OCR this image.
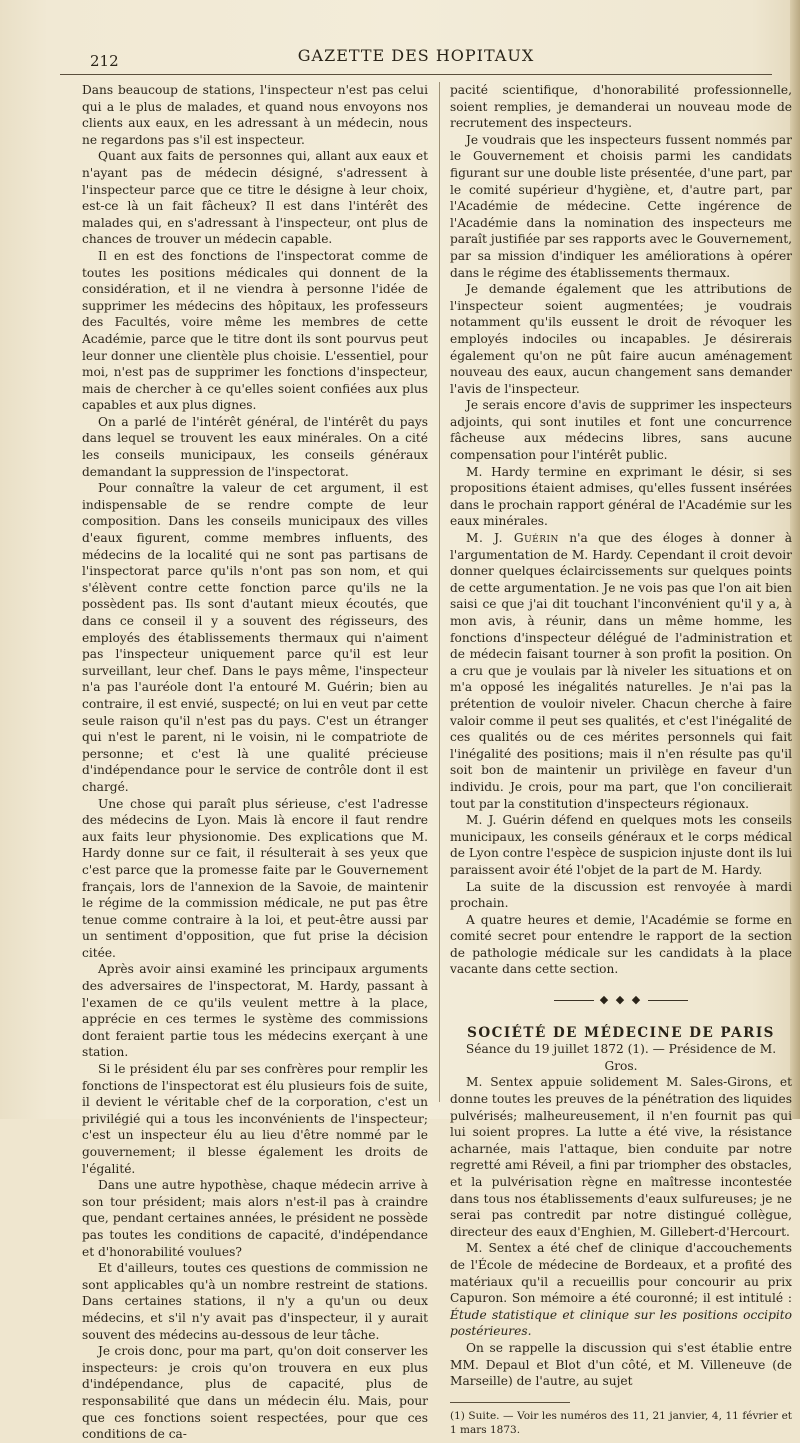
212	GAZETTE DES HOPITAUX

Dans beaucoup de stations, l'inspecteur n'est pas celui qui a le plus de malades, et quand nous envoyons nos clients aux eaux, en les adressant à un médecin, nous ne regardons pas s'il est inspecteur.

Quant aux faits de personnes qui, allant aux eaux et n'ayant pas de médecin désigné, s'adressent à l'inspecteur parce que ce titre le désigne à leur choix, est-ce là un fait fâcheux? Il est dans l'intérêt des malades qui, en s'adressant à l'inspecteur, ont plus de chances de trouver un médecin capable.

Il en est des fonctions de l'inspectorat comme de toutes les positions médicales qui donnent de la considération, et il ne viendra à personne l'idée de supprimer les médecins des hôpitaux, les professeurs des Facultés, voire même les membres de cette Académie, parce que le titre dont ils sont pourvus peut leur donner une clientèle plus choisie. L'essentiel, pour moi, n'est pas de supprimer les fonctions d'inspecteur, mais de chercher à ce qu'elles soient confiées aux plus capables et aux plus dignes.

On a parlé de l'intérêt général, de l'intérêt du pays dans lequel se trouvent les eaux minérales. On a cité les conseils municipaux, les conseils généraux demandant la suppression de l'inspectorat.

Pour connaître la valeur de cet argument, il est indispensable de se rendre compte de leur composition. Dans les conseils municipaux des villes d'eaux figurent, comme membres influents, des médecins de la localité qui ne sont pas partisans de l'inspectorat parce qu'ils n'ont pas son nom, et qui s'élèvent contre cette fonction parce qu'ils ne la possèdent pas. Ils sont d'autant mieux écoutés, que dans ce conseil il y a souvent des régisseurs, des employés des établissements thermaux qui n'aiment pas l'inspecteur uniquement parce qu'il est leur surveillant, leur chef. Dans le pays même, l'inspecteur n'a pas l'auréole dont l'a entouré M. Guérin; bien au contraire, il est envié, suspecté; on lui en veut par cette seule raison qu'il n'est pas du pays. C'est un étranger qui n'est le parent, ni le voisin, ni le compatriote de personne; et c'est là une qualité précieuse d'indépendance pour le service de contrôle dont il est chargé.

Une chose qui paraît plus sérieuse, c'est l'adresse des médecins de Lyon. Mais là encore il faut rendre aux faits leur physionomie. Des explications que M. Hardy donne sur ce fait, il résulterait à ses yeux que c'est parce que la promesse faite par le Gouvernement français, lors de l'annexion de la Savoie, de maintenir le régime de la commission médicale, ne put pas être tenue comme contraire à la loi, et peut-être aussi par un sentiment d'opposition, que fut prise la décision citée.

Après avoir ainsi examiné les principaux arguments des adversaires de l'inspectorat, M. Hardy, passant à l'examen de ce qu'ils veulent mettre à la place, apprécie en ces termes le système des commissions dont feraient partie tous les médecins exerçant à une station.

Si le président élu par ses confrères pour remplir les fonctions de l'inspectorat est élu plusieurs fois de suite, il devient le véritable chef de la corporation, c'est un privilégié qui a tous les inconvénients de l'inspecteur; c'est un inspecteur élu au lieu d'être nommé par le gouvernement; il blesse également les droits de l'égalité.

Dans une autre hypothèse, chaque médecin arrive à son tour président; mais alors n'est-il pas à craindre que, pendant certaines années, le président ne possède pas toutes les conditions de capacité, d'indépendance et d'honorabilité voulues?

Et d'ailleurs, toutes ces questions de commission ne sont applicables qu'à un nombre restreint de stations. Dans certaines stations, il n'y a qu'un ou deux médecins, et s'il n'y avait pas d'inspecteur, il y aurait souvent des médecins au-dessous de leur tâche.

Je crois donc, pour ma part, qu'on doit conserver les inspecteurs: je crois qu'on trouvera en eux plus d'indépendance, plus de capacité, plus de responsabilité que dans un médecin élu. Mais, pour que ces fonctions soient respectées, pour que ces conditions de ca-

pacité scientifique, d'honorabilité professionnelle, soient remplies, je demanderai un nouveau mode de recrutement des inspecteurs.

Je voudrais que les inspecteurs fussent nommés par le Gouvernement et choisis parmi les candidats figurant sur une double liste présentée, d'une part, par le comité supérieur d'hygiène, et, d'autre part, par l'Académie de médecine. Cette ingérence de l'Académie dans la nomination des inspecteurs me paraît justifiée par ses rapports avec le Gouvernement, par sa mission d'indiquer les améliorations à opérer dans le régime des établissements thermaux.

Je demande également que les attributions de l'inspecteur soient augmentées; je voudrais notamment qu'ils eussent le droit de révoquer les employés indociles ou incapables. Je désirerais également qu'on ne pût faire aucun aménagement nouveau des eaux, aucun changement sans demander l'avis de l'inspecteur.

Je serais encore d'avis de supprimer les inspecteurs adjoints, qui sont inutiles et font une concurrence fâcheuse aux médecins libres, sans aucune compensation pour l'intérêt public.

M. Hardy termine en exprimant le désir, si ses propositions étaient admises, qu'elles fussent insérées dans le prochain rapport général de l'Académie sur les eaux minérales.

M. J. Guérin n'a que des éloges à donner à l'argumentation de M. Hardy. Cependant il croit devoir donner quelques éclaircissements sur quelques points de cette argumentation. Je ne vois pas que l'on ait bien saisi ce que j'ai dit touchant l'inconvénient qu'il y a, à mon avis, à réunir, dans un même homme, les fonctions d'inspecteur délégué de l'administration et de médecin faisant tourner à son profit la position. On a cru que je voulais par là niveler les situations et on m'a opposé les inégalités naturelles. Je n'ai pas la prétention de vouloir niveler. Chacun cherche à faire valoir comme il peut ses qualités, et c'est l'inégalité de ces qualités ou de ces mérites personnels qui fait l'inégalité des positions; mais il n'en résulte pas qu'il soit bon de maintenir un privilège en faveur d'un individu. Je crois, pour ma part, que l'on concilierait tout par la constitution d'inspecteurs régionaux.

M. J. Guérin défend en quelques mots les conseils municipaux, les conseils généraux et le corps médical de Lyon contre l'espèce de suspicion injuste dont ils lui paraissent avoir été l'objet de la part de M. Hardy.

La suite de la discussion est renvoyée à mardi prochain.

A quatre heures et demie, l'Académie se forme en comité secret pour entendre le rapport de la section de pathologie médicale sur les candidats à la place vacante dans cette section.

◆ ◆ ◆

SOCIÉTÉ DE MÉDECINE DE PARIS

Séance du 19 juillet 1872 (1). — Présidence de M. Gros.

M. Sentex appuie solidement M. Sales-Girons, et donne toutes les preuves de la pénétration des liquides pulvérisés; malheureusement, il n'en fournit pas qui lui soient propres. La lutte a été vive, la résistance acharnée, mais l'attaque, bien conduite par notre regretté ami Réveil, a fini par triompher des obstacles, et la pulvérisation règne en maîtresse incontestée dans tous nos établissements d'eaux sulfureuses; je ne serai pas contredit par notre distingué collègue, directeur des eaux d'Enghien, M. Gillebert-d'Hercourt.

M. Sentex a été chef de clinique d'accouchements de l'École de médecine de Bordeaux, et a profité des matériaux qu'il a recueillis pour concourir au prix Capuron. Son mémoire a été couronné; il est intitulé : Étude statistique et clinique sur les positions occipito postérieures.

On se rappelle la discussion qui s'est établie entre MM. Depaul et Blot d'un côté, et M. Villeneuve (de Marseille) de l'autre, au sujet

(1) Suite. — Voir les numéros des 11, 21 janvier, 4, 11 février et 1 mars 1873.
